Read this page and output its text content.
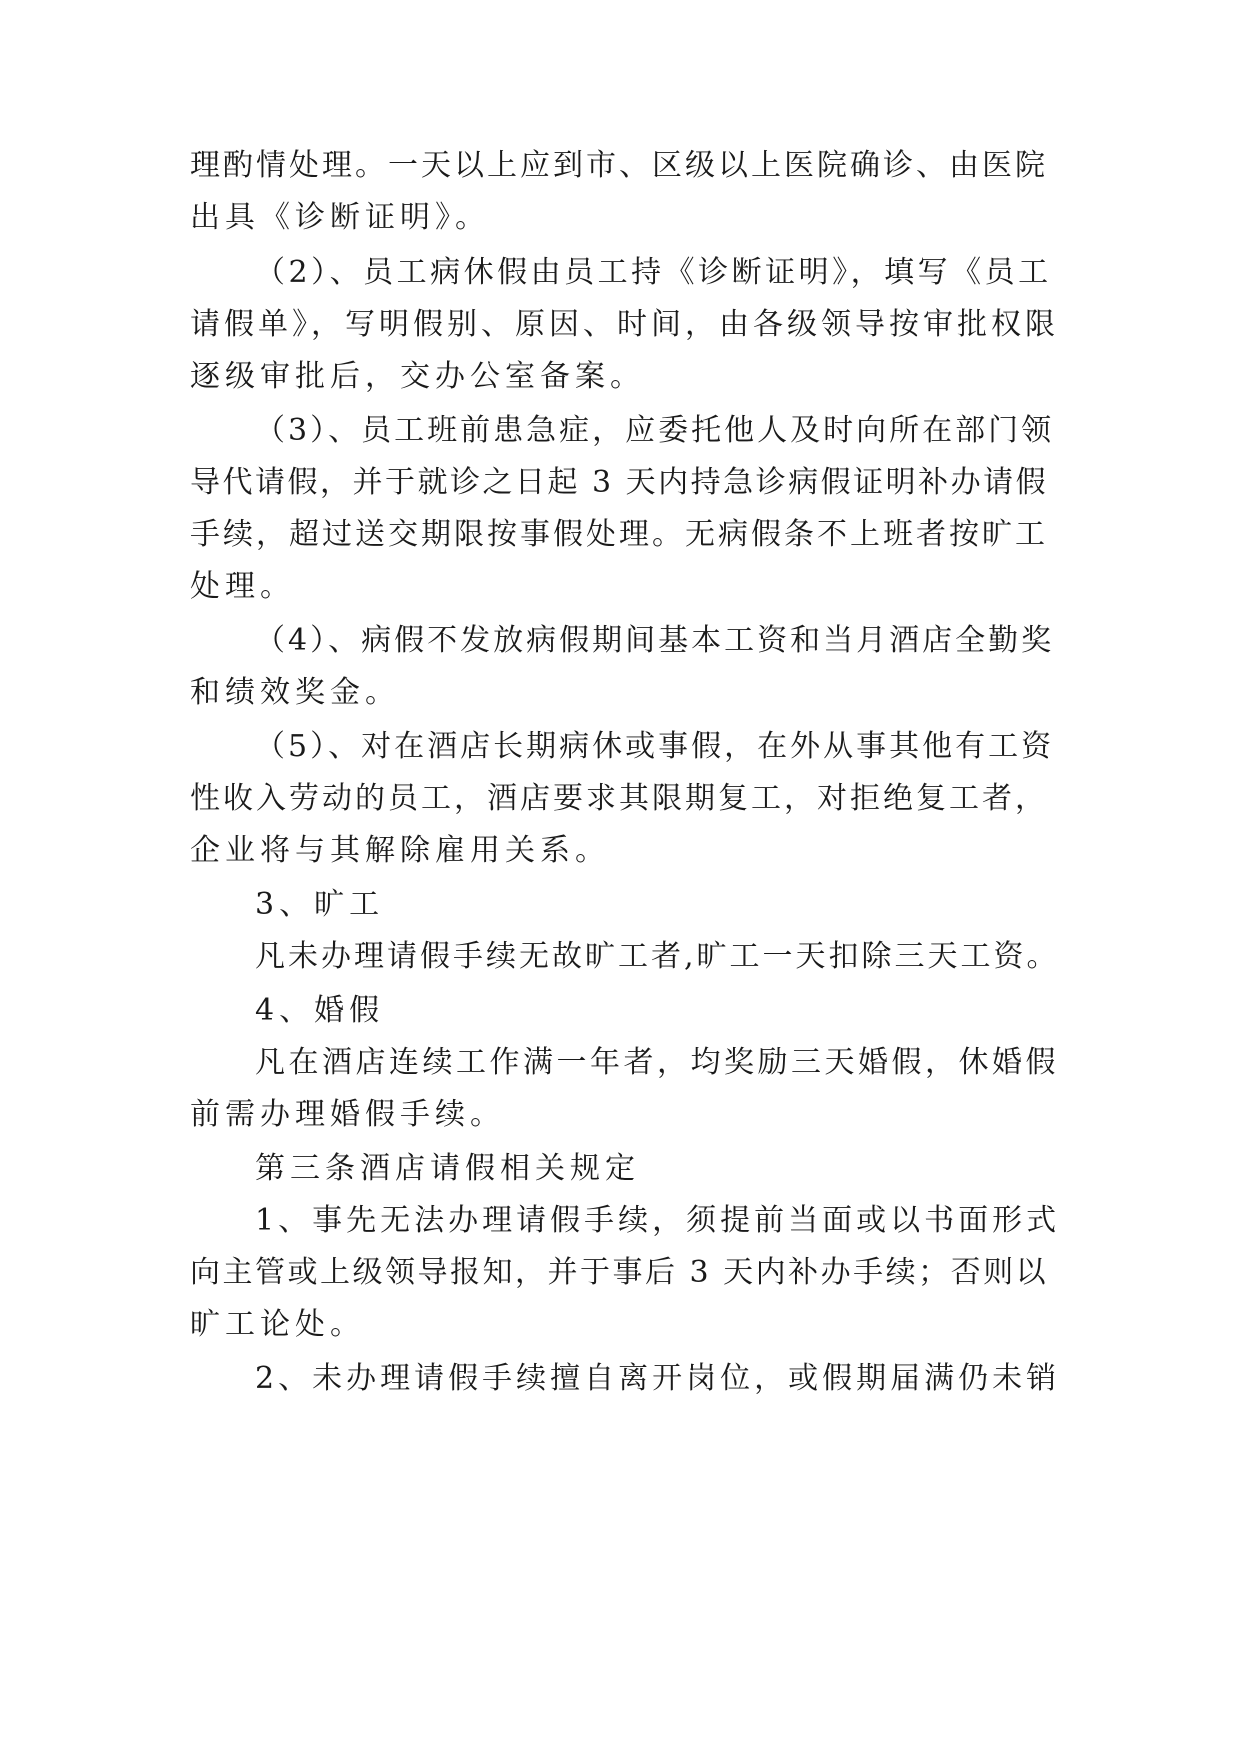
理酌情处理。一天以上应到市、区级以上医院确诊、由医院
出具《诊断证明》。
（2）、员工病休假由员工持《诊断证明》，填写《员工
请假单》，写明假别、原因、时间，由各级领导按审批权限
逐级审批后，交办公室备案。
（3）、员工班前患急症，应委托他人及时向所在部门领
导代请假，并于就诊之日起 3 天内持急诊病假证明补办请假
手续，超过送交期限按事假处理。无病假条不上班者按旷工
处理。
（4）、病假不发放病假期间基本工资和当月酒店全勤奖
和绩效奖金。
（5）、对在酒店长期病休或事假，在外从事其他有工资
性收入劳动的员工，酒店要求其限期复工，对拒绝复工者，
企业将与其解除雇用关系。
3、旷工
凡未办理请假手续无故旷工者,旷工一天扣除三天工资。
4、婚假
凡在酒店连续工作满一年者，均奖励三天婚假，休婚假
前需办理婚假手续。
第三条酒店请假相关规定
1、事先无法办理请假手续，须提前当面或以书面形式
向主管或上级领导报知，并于事后 3 天内补办手续；否则以
旷工论处。
2、未办理请假手续擅自离开岗位，或假期届满仍未销
